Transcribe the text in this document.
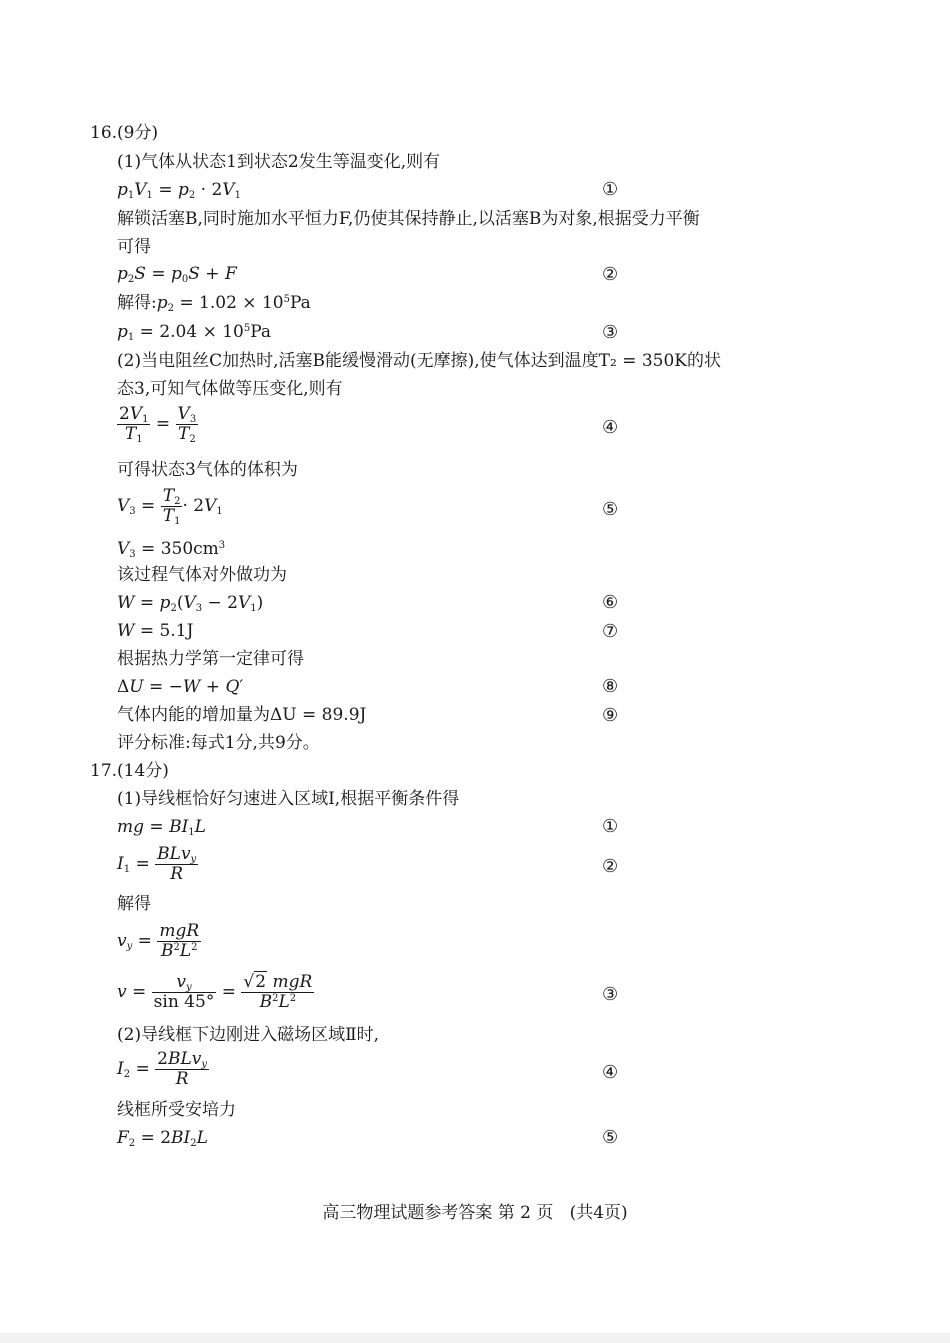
16.(9分)
(1)气体从状态1到状态2发生等温变化,则有
$p_1V_1 = p_2 \cdot 2V_1$	①
解锁活塞B,同时施加水平恒力F,仍使其保持静止,以活塞B为对象,根据受力平衡
可得
$p_2S = p_0S + F$	②
解得$:p_2 = 1.02 \times 10^5Pa$
$p_1 = 2.04 \times 10^5Pa$	③
(2)当电阻丝C加热时,活塞B能缓慢滑动(无摩擦),使气体达到温度T₂ = 350K的状
态3,可知气体做等压变化,则有
$\frac{2V_1}{T_1} = \frac{V_3}{T_2}$	④
可得状态3气体的体积为
$V_3 = \frac{T_2}{T_1} \cdot 2V_1$	⑤
$V_3 = 350cm^3$
该过程气体对外做功为
$W = p_2(V_3 - 2V_1)$	⑥
W = 5.1J	⑦
根据热力学第一定律可得
ΔU = −W + Q′	⑧
气体内能的增加量为ΔU = 89.9J	⑨
评分标准:每式1分,共9分。
17.(14分)
(1)导线框恰好匀速进入区域Ⅰ,根据平衡条件得
mg = $BI_1L$	①
$I_1 = \frac{BLv_y}{R}$	②
解得
$v_y = \frac{\text{mgR}}{B^2L^2}$
$v = \frac{v_y}{\sin 45^\circ} = \frac{\text{√2 mgR}}{B^2L^2}$	③
(2)导线框下边刚进入磁场区域Ⅱ时,
$I_2 = \frac{2BLv_y}{R}$	④
线框所受安培力
$F_2 = 2BI_2L$	⑤
高三物理试题参考答案 第 2 页   (共4页)
